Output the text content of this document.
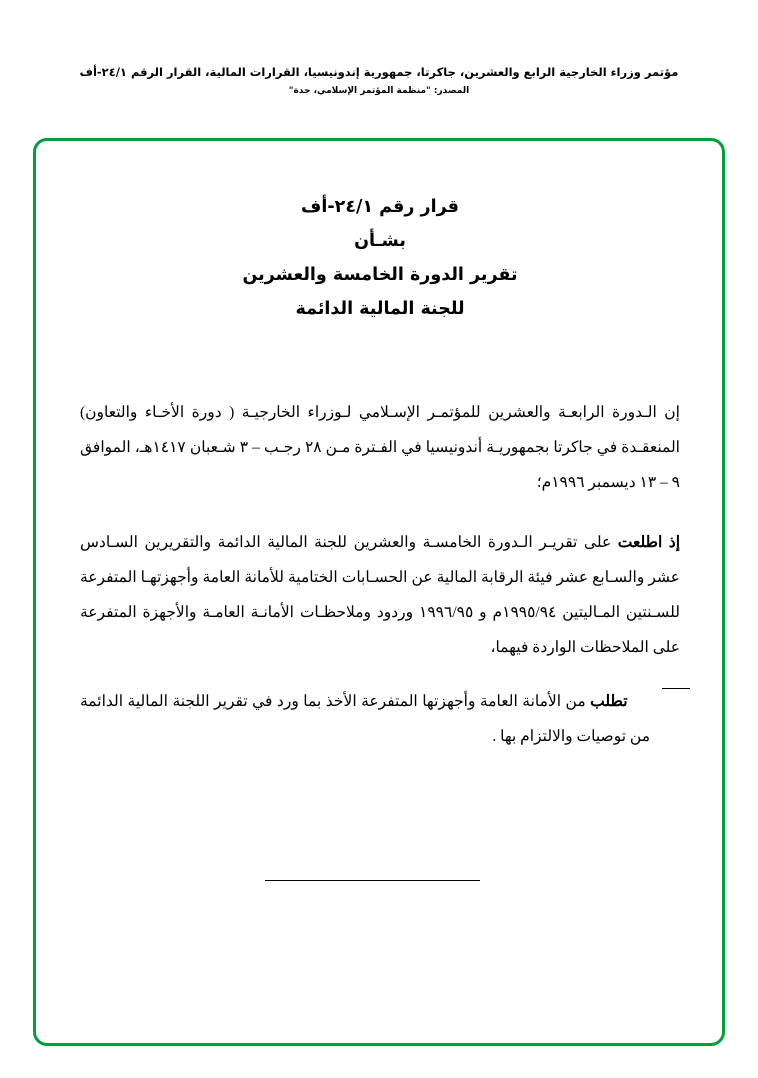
مؤتمر وزراء الخارجية الرابع والعشرين، جاكرتا، جمهورية إندونيسيا، القرارات المالية، القرار الرقم ٢٤/١-أف
المصدر: "منظمة المؤتمر الإسلامي، جدة"
قرار رقم ٢٤/١-أف
بشـأن
تقرير الدورة الخامسة والعشرين
للجنة المالية الدائمة
إن الـدورة الرابعـة والعشرين للمؤتمـر الإسـلامي لـوزراء الخارجيـة ( دورة الأخـاء والتعاون) المنعقـدة في جاكرتا بجمهوريـة أندونيسيا في الفـترة مـن ٢٨ رجـب – ٣ شـعبان ١٤١٧هـ، الموافق ٩ – ١٣ ديسمبر ١٩٩٦م؛
إذ اطلعت على تقريـر الـدورة الخامسـة والعشرين للجنة المالية الدائمة والتقريرين السـادس عشر والسـابع عشر فيئة الرقابة المالية عن الحسـابات الختامية للأمانة العامة وأجهزتهـا المتفرعة للسـنتين المـاليتين ١٩٩٥/٩٤م و ١٩٩٦/٩٥ وردود وملاحظـات الأمانـة العامـة والأجهزة المتفرعة على الملاحظات الواردة فيهما،
تطلب من الأمانة العامة وأجهزتها المتفرعة الأخذ بما ورد في تقرير اللجنة المالية الدائمة من توصيات والالتزام بها .
